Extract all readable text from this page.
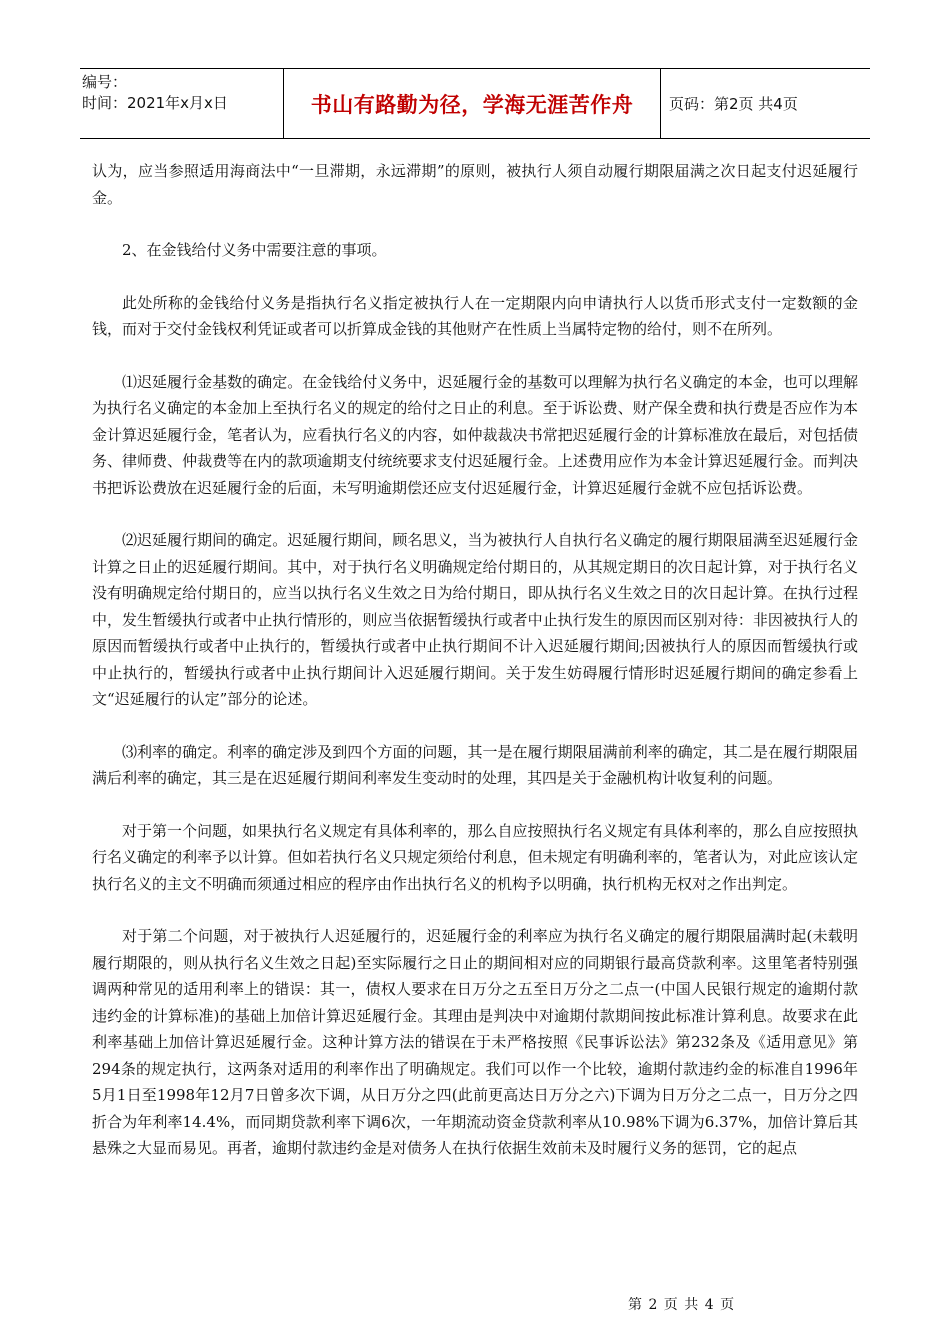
编号：
时间：2021年x月x日	书山有路勤为径，学海无涯苦作舟	页码：第2页 共4页

认为，应当参照适用海商法中“一旦滞期，永远滞期”的原则，被执行人须自动履行期限届满之次日起支付迟延履行金。

2、在金钱给付义务中需要注意的事项。

此处所称的金钱给付义务是指执行名义指定被执行人在一定期限内向申请执行人以货币形式支付一定数额的金钱，而对于交付金钱权利凭证或者可以折算成金钱的其他财产在性质上当属特定物的给付，则不在所列。

⑴迟延履行金基数的确定。在金钱给付义务中，迟延履行金的基数可以理解为执行名义确定的本金，也可以理解为执行名义确定的本金加上至执行名义的规定的给付之日止的利息。至于诉讼费、财产保全费和执行费是否应作为本金计算迟延履行金，笔者认为，应看执行名义的内容，如仲裁裁决书常把迟延履行金的计算标准放在最后，对包括债务、律师费、仲裁费等在内的款项逾期支付统统要求支付迟延履行金。上述费用应作为本金计算迟延履行金。而判决书把诉讼费放在迟延履行金的后面，未写明逾期偿还应支付迟延履行金，计算迟延履行金就不应包括诉讼费。

⑵迟延履行期间的确定。迟延履行期间，顾名思义，当为被执行人自执行名义确定的履行期限届满至迟延履行金计算之日止的迟延履行期间。其中，对于执行名义明确规定给付期日的，从其规定期日的次日起计算，对于执行名义没有明确规定给付期日的，应当以执行名义生效之日为给付期日，即从执行名义生效之日的次日起计算。在执行过程中，发生暂缓执行或者中止执行情形的，则应当依据暂缓执行或者中止执行发生的原因而区别对待：非因被执行人的原因而暂缓执行或者中止执行的，暂缓执行或者中止执行期间不计入迟延履行期间;因被执行人的原因而暂缓执行或中止执行的，暂缓执行或者中止执行期间计入迟延履行期间。关于发生妨碍履行情形时迟延履行期间的确定参看上文“迟延履行的认定”部分的论述。

⑶利率的确定。利率的确定涉及到四个方面的问题，其一是在履行期限届满前利率的确定，其二是在履行期限届满后利率的确定，其三是在迟延履行期间利率发生变动时的处理，其四是关于金融机构计收复利的问题。

对于第一个问题，如果执行名义规定有具体利率的，那么自应按照执行名义规定有具体利率的，那么自应按照执行名义确定的利率予以计算。但如若执行名义只规定须给付利息，但未规定有明确利率的，笔者认为，对此应该认定执行名义的主文不明确而须通过相应的程序由作出执行名义的机构予以明确，执行机构无权对之作出判定。

对于第二个问题，对于被执行人迟延履行的，迟延履行金的利率应为执行名义确定的履行期限届满时起(未载明履行期限的，则从执行名义生效之日起)至实际履行之日止的期间相对应的同期银行最高贷款利率。这里笔者特别强调两种常见的适用利率上的错误：其一，债权人要求在日万分之五至日万分之二点一(中国人民银行规定的逾期付款违约金的计算标准)的基础上加倍计算迟延履行金。其理由是判决中对逾期付款期间按此标准计算利息。故要求在此利率基础上加倍计算迟延履行金。这种计算方法的错误在于未严格按照《民事诉讼法》第232条及《适用意见》第294条的规定执行，这两条对适用的利率作出了明确规定。我们可以作一个比较，逾期付款违约金的标准自1996年5月1日至1998年12月7日曾多次下调，从日万分之四(此前更高达日万分之六)下调为日万分之二点一，日万分之四折合为年利率14.4%，而同期贷款利率下调6次，一年期流动资金贷款利率从10.98%下调为6.37%，加倍计算后其悬殊之大显而易见。再者，逾期付款违约金是对债务人在执行依据生效前未及时履行义务的惩罚，它的起点

第 2 页 共 4 页
